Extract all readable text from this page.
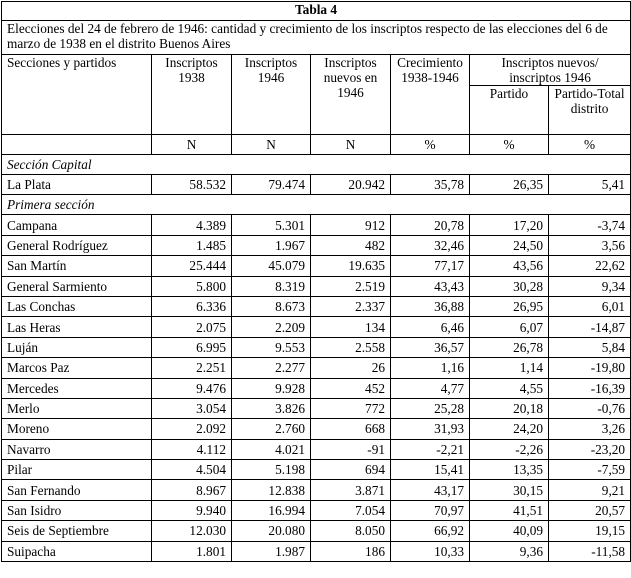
Tabla 4						
Elecciones del 24 de febrero de 1946: cantidad y crecimiento de los inscriptos respecto de las elecciones del 6 de marzo de 1938 en el distrito Buenos Aires						
Secciones y partidos	Inscriptos 1938	Inscriptos 1946	Inscriptos nuevos en 1946	Crecimiento 1938-1946	Inscriptos nuevos/ inscriptos 1946	
					Partido	Partido-Total distrito
	N	N	N	%	%	%
Sección Capital						
La Plata	58.532	79.474	20.942	35,78	26,35	5,41
Primera sección						
Campana	4.389	5.301	912	20,78	17,20	-3,74
General Rodríguez	1.485	1.967	482	32,46	24,50	3,56
San Martín	25.444	45.079	19.635	77,17	43,56	22,62
General Sarmiento	5.800	8.319	2.519	43,43	30,28	9,34
Las Conchas	6.336	8.673	2.337	36,88	26,95	6,01
Las Heras	2.075	2.209	134	6,46	6,07	-14,87
Luján	6.995	9.553	2.558	36,57	26,78	5,84
Marcos Paz	2.251	2.277	26	1,16	1,14	-19,80
Mercedes	9.476	9.928	452	4,77	4,55	-16,39
Merlo	3.054	3.826	772	25,28	20,18	-0,76
Moreno	2.092	2.760	668	31,93	24,20	3,26
Navarro	4.112	4.021	-91	-2,21	-2,26	-23,20
Pilar	4.504	5.198	694	15,41	13,35	-7,59
San Fernando	8.967	12.838	3.871	43,17	30,15	9,21
San Isidro	9.940	16.994	7.054	70,97	41,51	20,57
Seis de Septiembre	12.030	20.080	8.050	66,92	40,09	19,15
Suipacha	1.801	1.987	186	10,33	9,36	-11,58
